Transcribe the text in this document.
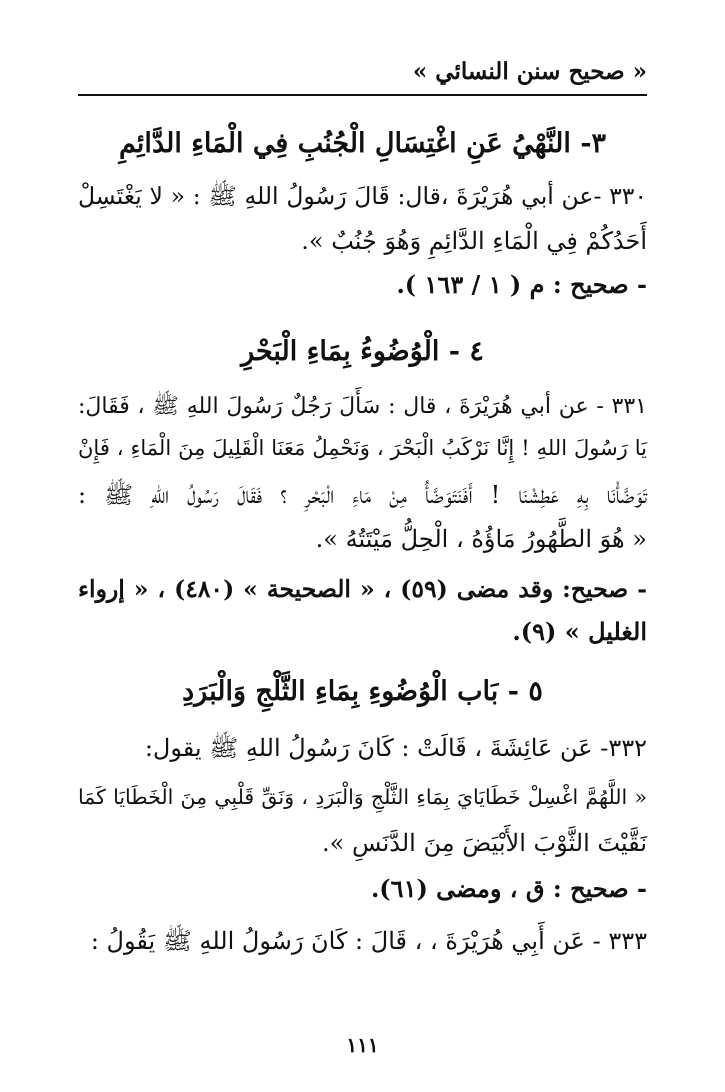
« صحيح سنن النسائي »
٣- النَّهْيُ عَنِ اغْتِسَالِ الْجُنُبِ فِي الْمَاءِ الدَّائِمِ
٣٣٠ -عن أبي هُرَيْرَةَ ،قال: قَالَ رَسُولُ اللهِ ﷺ : « لا يَغْتَسِلْ
أَحَدُكُمْ فِي الْمَاءِ الدَّائِمِ وَهُوَ جُنُبٌ ».
- صحيح : م ( ١ / ١٦٣ ).
٤ - الْوُضُوءُ بِمَاءِ الْبَحْرِ
٣٣١ - عن أبي هُرَيْرَةَ ، قال : سَأَلَ رَجُلٌ رَسُولَ اللهِ ﷺ ، فَقَالَ:
يَا رَسُولَ اللهِ ! إِنَّا نَرْكَبُ الْبَحْرَ ، وَنَحْمِلُ مَعَنَا الْقَلِيلَ مِنَ الْمَاءِ ، فَإِنْ
تَوَضَّأْنَا بِهِ عَطِشْنَا ! أَفَنَتَوَضَّأُ مِنْ مَاءِ الْبَحْرِ ؟ فَقَالَ رَسُولُ اللهِ ﷺ :
« هُوَ الطَّهُورُ مَاؤُهُ ، الْحِلُّ مَيْتَتُهُ ».
- صحيح: وقد مضى (٥٩) ، « الصحيحة » (٤٨٠) ، « إرواء
الغليل » (٩).
٥ - بَاب الْوُضُوءِ بِمَاءِ الثَّلْجِ وَالْبَرَدِ
٣٣٢- عَن عَائِشَةَ ، قَالَتْ : كَانَ رَسُولُ اللهِ ﷺ يقول:
« اللَّهُمَّ اغْسِلْ خَطَايَايَ بِمَاءِ الثَّلْجِ وَالْبَرَدِ ، وَنَقِّ قَلْبِي مِنَ الْخَطَايَا كَمَا
نَقَّيْتَ الثَّوْبَ الأَبْيَضَ مِنَ الدَّنَسِ ».
- صحيح : ق ، ومضى (٦١).
٣٣٣ - عَن أَبِي هُرَيْرَةَ ، ، قَالَ : كَانَ رَسُولُ اللهِ ﷺ يَقُولُ :
١١١
